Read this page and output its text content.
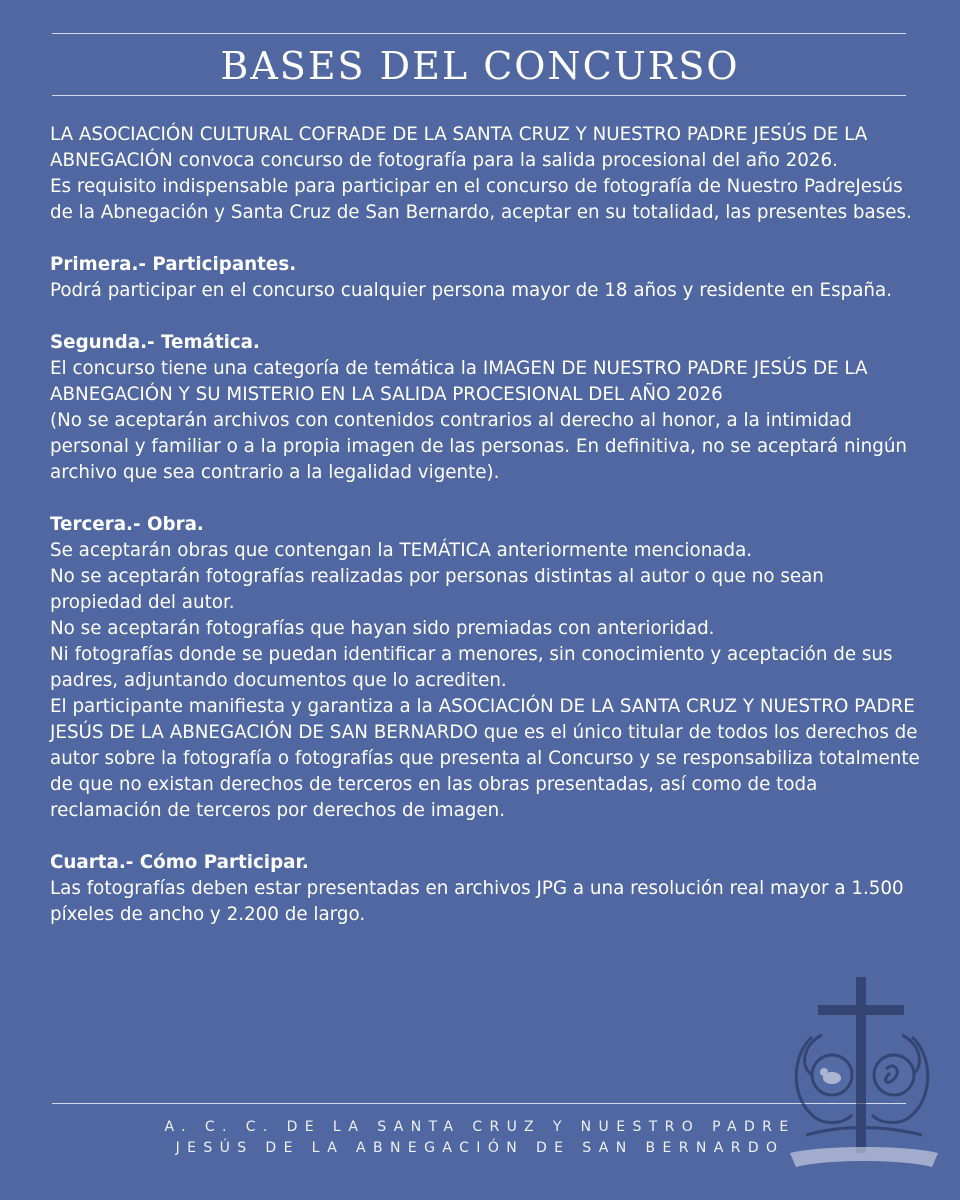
BASES DEL CONCURSO

LA ASOCIACIÓN CULTURAL COFRADE DE LA SANTA CRUZ Y NUESTRO PADRE JESÚS DE LA ABNEGACIÓN convoca concurso de fotografía para la salida procesional del año 2026.

Es requisito indispensable para participar en el concurso de fotografía de Nuestro PadreJesús de la Abnegación y Santa Cruz de San Bernardo, aceptar en su totalidad, las presentes bases.

Primera.- Participantes.

Podrá participar en el concurso cualquier persona mayor de 18 años y residente en España.

Segunda.- Temática.

El concurso tiene una categoría de temática la IMAGEN DE NUESTRO PADRE JESÚS DE LA ABNEGACIÓN Y SU MISTERIO EN LA SALIDA PROCESIONAL DEL AÑO 2026

(No se aceptarán archivos con contenidos contrarios al derecho al honor, a la intimidad personal y familiar o a la propia imagen de las personas. En definitiva, no se aceptará ningún archivo que sea contrario a la legalidad vigente).

Tercera.- Obra.

Se aceptarán obras que contengan la TEMÁTICA anteriormente mencionada.

No se aceptarán fotografías realizadas por personas distintas al autor o que no sean propiedad del autor.

No se aceptarán fotografías que hayan sido premiadas con anterioridad.

Ni fotografías donde se puedan identificar a menores, sin conocimiento y aceptación de sus padres, adjuntando documentos que lo acrediten.

El participante manifiesta y garantiza a la ASOCIACIÓN DE LA SANTA CRUZ Y NUESTRO PADRE JESÚS DE LA ABNEGACIÓN DE SAN BERNARDO que es el único titular de todos los derechos de autor sobre la fotografía o fotografías que presenta al Concurso y se responsabiliza totalmente de que no existan derechos de terceros en las obras presentadas, así como de toda reclamación de terceros por derechos de imagen.

Cuarta.- Cómo Participar.

Las fotografías deben estar presentadas en archivos JPG a una resolución real mayor a 1.500 píxeles de ancho y 2.200 de largo.

A. C. C. DE LA SANTA CRUZ Y NUESTRO PADRE
JESÚS DE LA ABNEGACIÓN DE SAN BERNARDO
